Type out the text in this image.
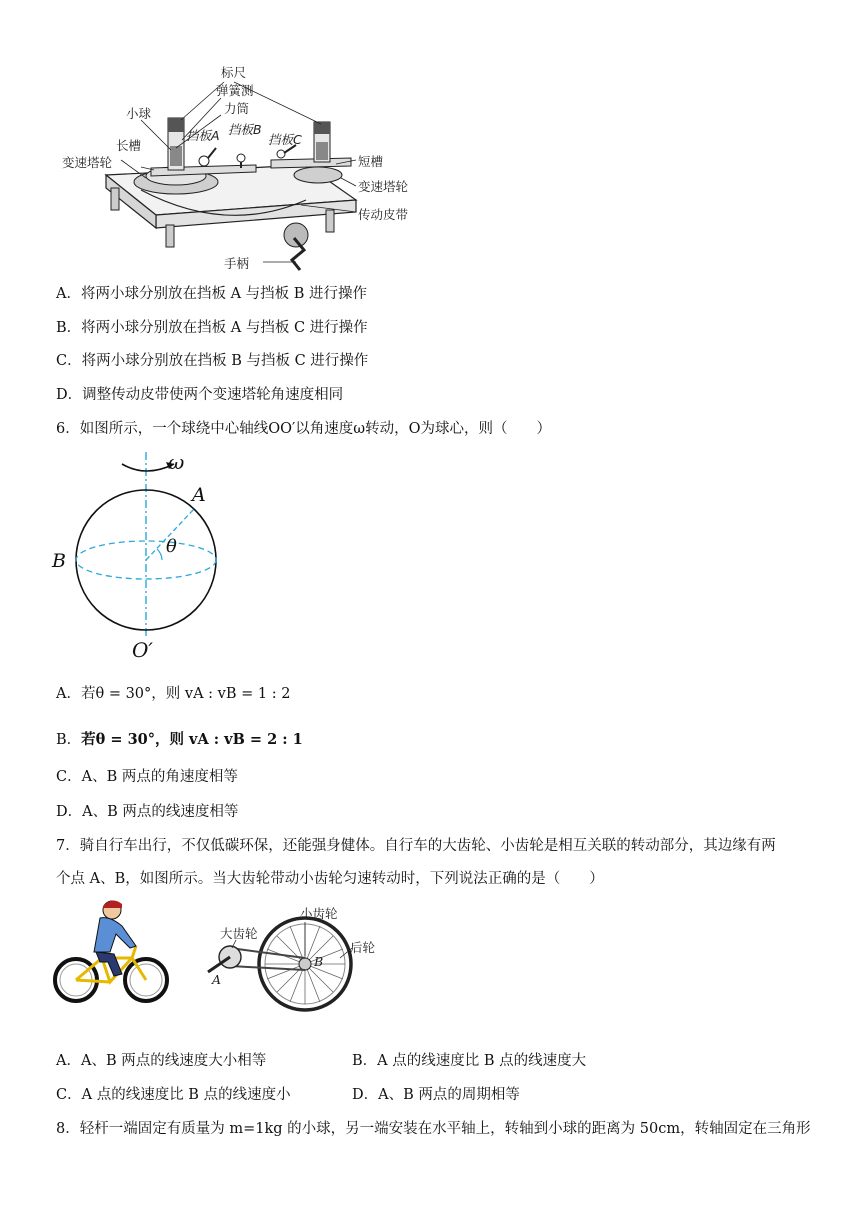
标尺
弹簧测
力筒
小球
挡板A 挡板B
挡板C
长槽
变速塔轮	短槽
变速塔轮
传动皮带
手柄
A．将两小球分别放在挡板 A 与挡板 B 进行操作
B．将两小球分别放在挡板 A 与挡板 C 进行操作
C．将两小球分别放在挡板 B 与挡板 C 进行操作
D．调整传动皮带使两个变速塔轮角速度相同
6．如图所示，一个球绕中心轴线OO′以角速度ω转动，O为球心，则（　　）
ω
A
B
θ
O′
A．若θ = 30°，则 vA : vB = 1 : 2
B．若θ = 30°，则 vA : vB = 2 : 1
C．A、B 两点的角速度相等
D．A、B 两点的线速度相等
7．骑自行车出行，不仅低碳环保，还能强身健体。自行车的大齿轮、小齿轮是相互关联的转动部分，其边缘有两
个点 A、B，如图所示。当大齿轮带动小齿轮匀速转动时，下列说法正确的是（　　）
小齿轮
大齿轮
后轮
A
B
A．A、B 两点的线速度大小相等	B．A 点的线速度比 B 点的线速度大
C．A 点的线速度比 B 点的线速度小	D．A、B 两点的周期相等
8．轻杆一端固定有质量为 m=1kg 的小球，另一端安装在水平轴上，转轴到小球的距离为 50cm，转轴固定在三角形
